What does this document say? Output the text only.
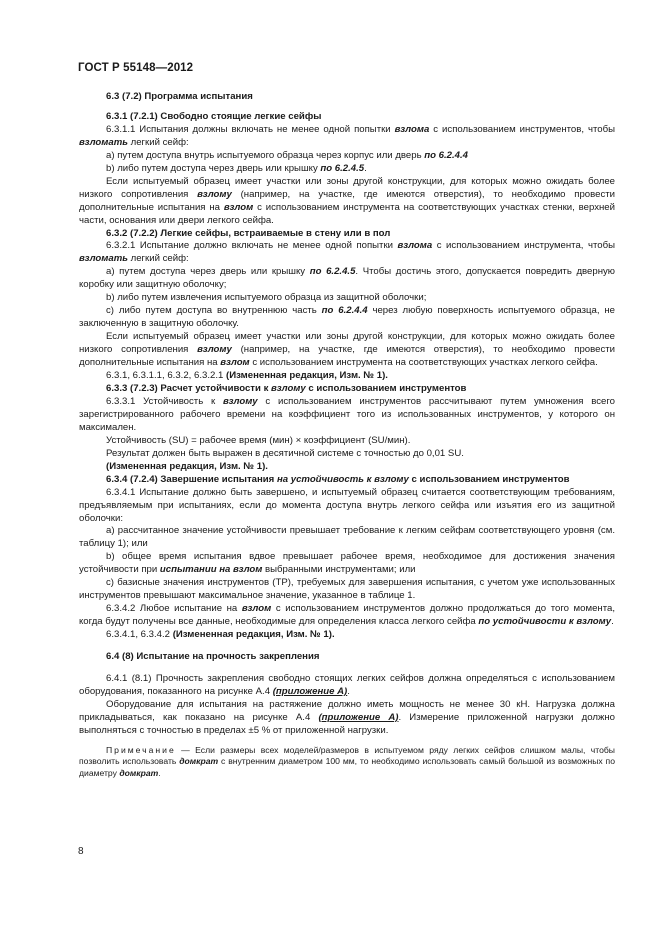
ГОСТ Р 55148—2012

6.3 (7.2) Программа испытания

6.3.1 (7.2.1) Свободно стоящие легкие сейфы

6.3.1.1 Испытания должны включать не менее одной попытки взлома с использованием инструментов, чтобы взломать легкий сейф:

а) путем доступа внутрь испытуемого образца через корпус или дверь по 6.2.4.4

b) либо путем доступа через дверь или крышку по 6.2.4.5.

Если испытуемый образец имеет участки или зоны другой конструкции, для которых можно ожидать более низкого сопротивления взлому (например, на участке, где имеются отверстия), то необходимо провести дополнительные испытания на взлом с использованием инструмента на соответствующих участках стенки, верхней части, основания или двери легкого сейфа.

6.3.2 (7.2.2) Легкие сейфы, встраиваемые в стену или в пол

6.3.2.1 Испытание должно включать не менее одной попытки взлома с использованием инструмента, чтобы взломать легкий сейф:

а) путем доступа через дверь или крышку по 6.2.4.5. Чтобы достичь этого, допускается повредить дверную коробку или защитную оболочку;

b) либо путем извлечения испытуемого образца из защитной оболочки;

c) либо путем доступа во внутреннюю часть по 6.2.4.4 через любую поверхность испытуемого образца, не заключенную в защитную оболочку.

Если испытуемый образец имеет участки или зоны другой конструкции, для которых можно ожидать более низкого сопротивления взлому (например, на участке, где имеются отверстия), то необходимо провести дополнительные испытания на взлом с использованием инструмента на соответствующих участках легкого сейфа.

6.3.1, 6.3.1.1, 6.3.2, 6.3.2.1 (Измененная редакция, Изм. № 1).

6.3.3 (7.2.3) Расчет устойчивости к взлому с использованием инструментов

6.3.3.1 Устойчивость к взлому с использованием инструментов рассчитывают путем умножения всего зарегистрированного рабочего времени на коэффициент того из использованных инструментов, у которого он максимален.

Устойчивость (SU) = рабочее время (мин) × коэффициент (SU/мин).

Результат должен быть выражен в десятичной системе с точностью до 0,01 SU.

(Измененная редакция, Изм. № 1).

6.3.4 (7.2.4) Завершение испытания на устойчивость к взлому с использованием инструментов

6.3.4.1 Испытание должно быть завершено, и испытуемый образец считается соответствующим требованиям, предъявляемым при испытаниях, если до момента доступа внутрь легкого сейфа или изъятия его из защитной оболочки:

а) рассчитанное значение устойчивости превышает требование к легким сейфам соответствующего уровня (см. таблицу 1); или

b) общее время испытания вдвое превышает рабочее время, необходимое для достижения значения устойчивости при испытании на взлом выбранными инструментами; или

c) базисные значения инструментов (TP), требуемых для завершения испытания, с учетом уже использованных инструментов превышают максимальное значение, указанное в таблице 1.

6.3.4.2 Любое испытание на взлом с использованием инструментов должно продолжаться до того момента, когда будут получены все данные, необходимые для определения класса легкого сейфа по устойчивости к взлому.

6.3.4.1, 6.3.4.2 (Измененная редакция, Изм. № 1).

6.4 (8) Испытание на прочность закрепления

6.4.1 (8.1) Прочность закрепления свободно стоящих легких сейфов должна определяться с использованием оборудования, показанного на рисунке А.4 (приложение А).

Оборудование для испытания на растяжение должно иметь мощность не менее 30 кН. Нагрузка должна прикладываться, как показано на рисунке А.4 (приложение А). Измерение приложенной нагрузки должно выполняться с точностью в пределах ±5 % от приложенной нагрузки.

Примечание — Если размеры всех моделей/размеров в испытуемом ряду легких сейфов слишком малы, чтобы позволить использовать домкрат с внутренним диаметром 100 мм, то необходимо использовать самый большой из возможных по диаметру домкрат.

8
